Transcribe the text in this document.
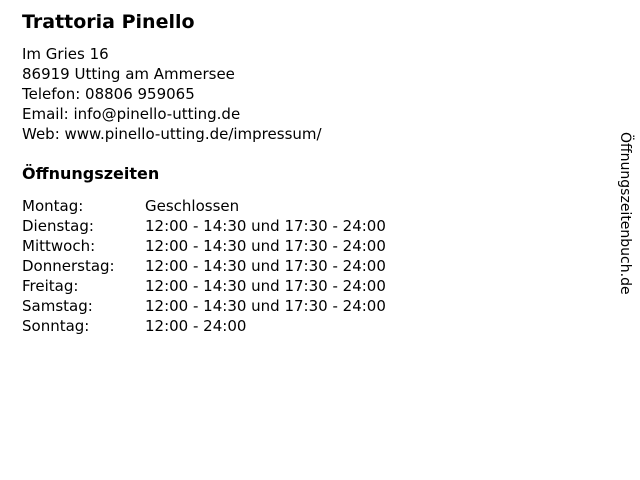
Trattoria Pinello
Im Gries 16
86919 Utting am Ammersee
Telefon: 08806 959065
Email: info@pinello-utting.de
Web: www.pinello-utting.de/impressum/
Öffnungszeiten
Montag:	Geschlossen
Dienstag:	12:00 - 14:30 und 17:30 - 24:00
Mittwoch:	12:00 - 14:30 und 17:30 - 24:00
Donnerstag:	12:00 - 14:30 und 17:30 - 24:00
Freitag:	12:00 - 14:30 und 17:30 - 24:00
Samstag:	12:00 - 14:30 und 17:30 - 24:00
Sonntag:	12:00 - 24:00
Öffnungszeitenbuch.de
